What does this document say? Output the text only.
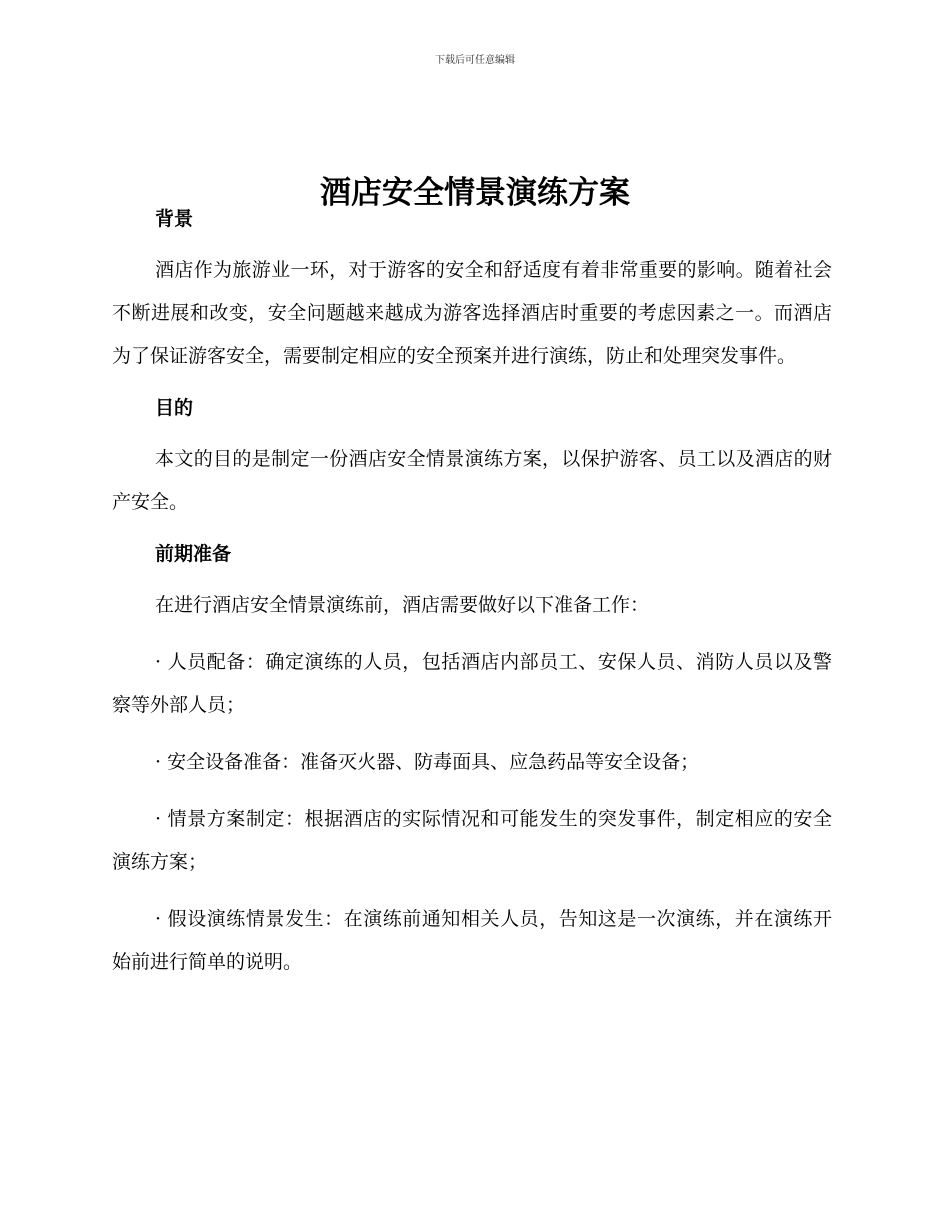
下载后可任意编辑
酒店安全情景演练方案
背景

酒店作为旅游业一环，对于游客的安全和舒适度有着非常重要的影响。随着社会不断进展和改变，安全问题越来越成为游客选择酒店时重要的考虑因素之一。而酒店为了保证游客安全，需要制定相应的安全预案并进行演练，防止和处理突发事件。

目的

本文的目的是制定一份酒店安全情景演练方案，以保护游客、员工以及酒店的财产安全。

前期准备

在进行酒店安全情景演练前，酒店需要做好以下准备工作：

· 人员配备：确定演练的人员，包括酒店内部员工、安保人员、消防人员以及警察等外部人员；

· 安全设备准备：准备灭火器、防毒面具、应急药品等安全设备；

· 情景方案制定：根据酒店的实际情况和可能发生的突发事件，制定相应的安全演练方案；

· 假设演练情景发生：在演练前通知相关人员，告知这是一次演练，并在演练开始前进行简单的说明。
